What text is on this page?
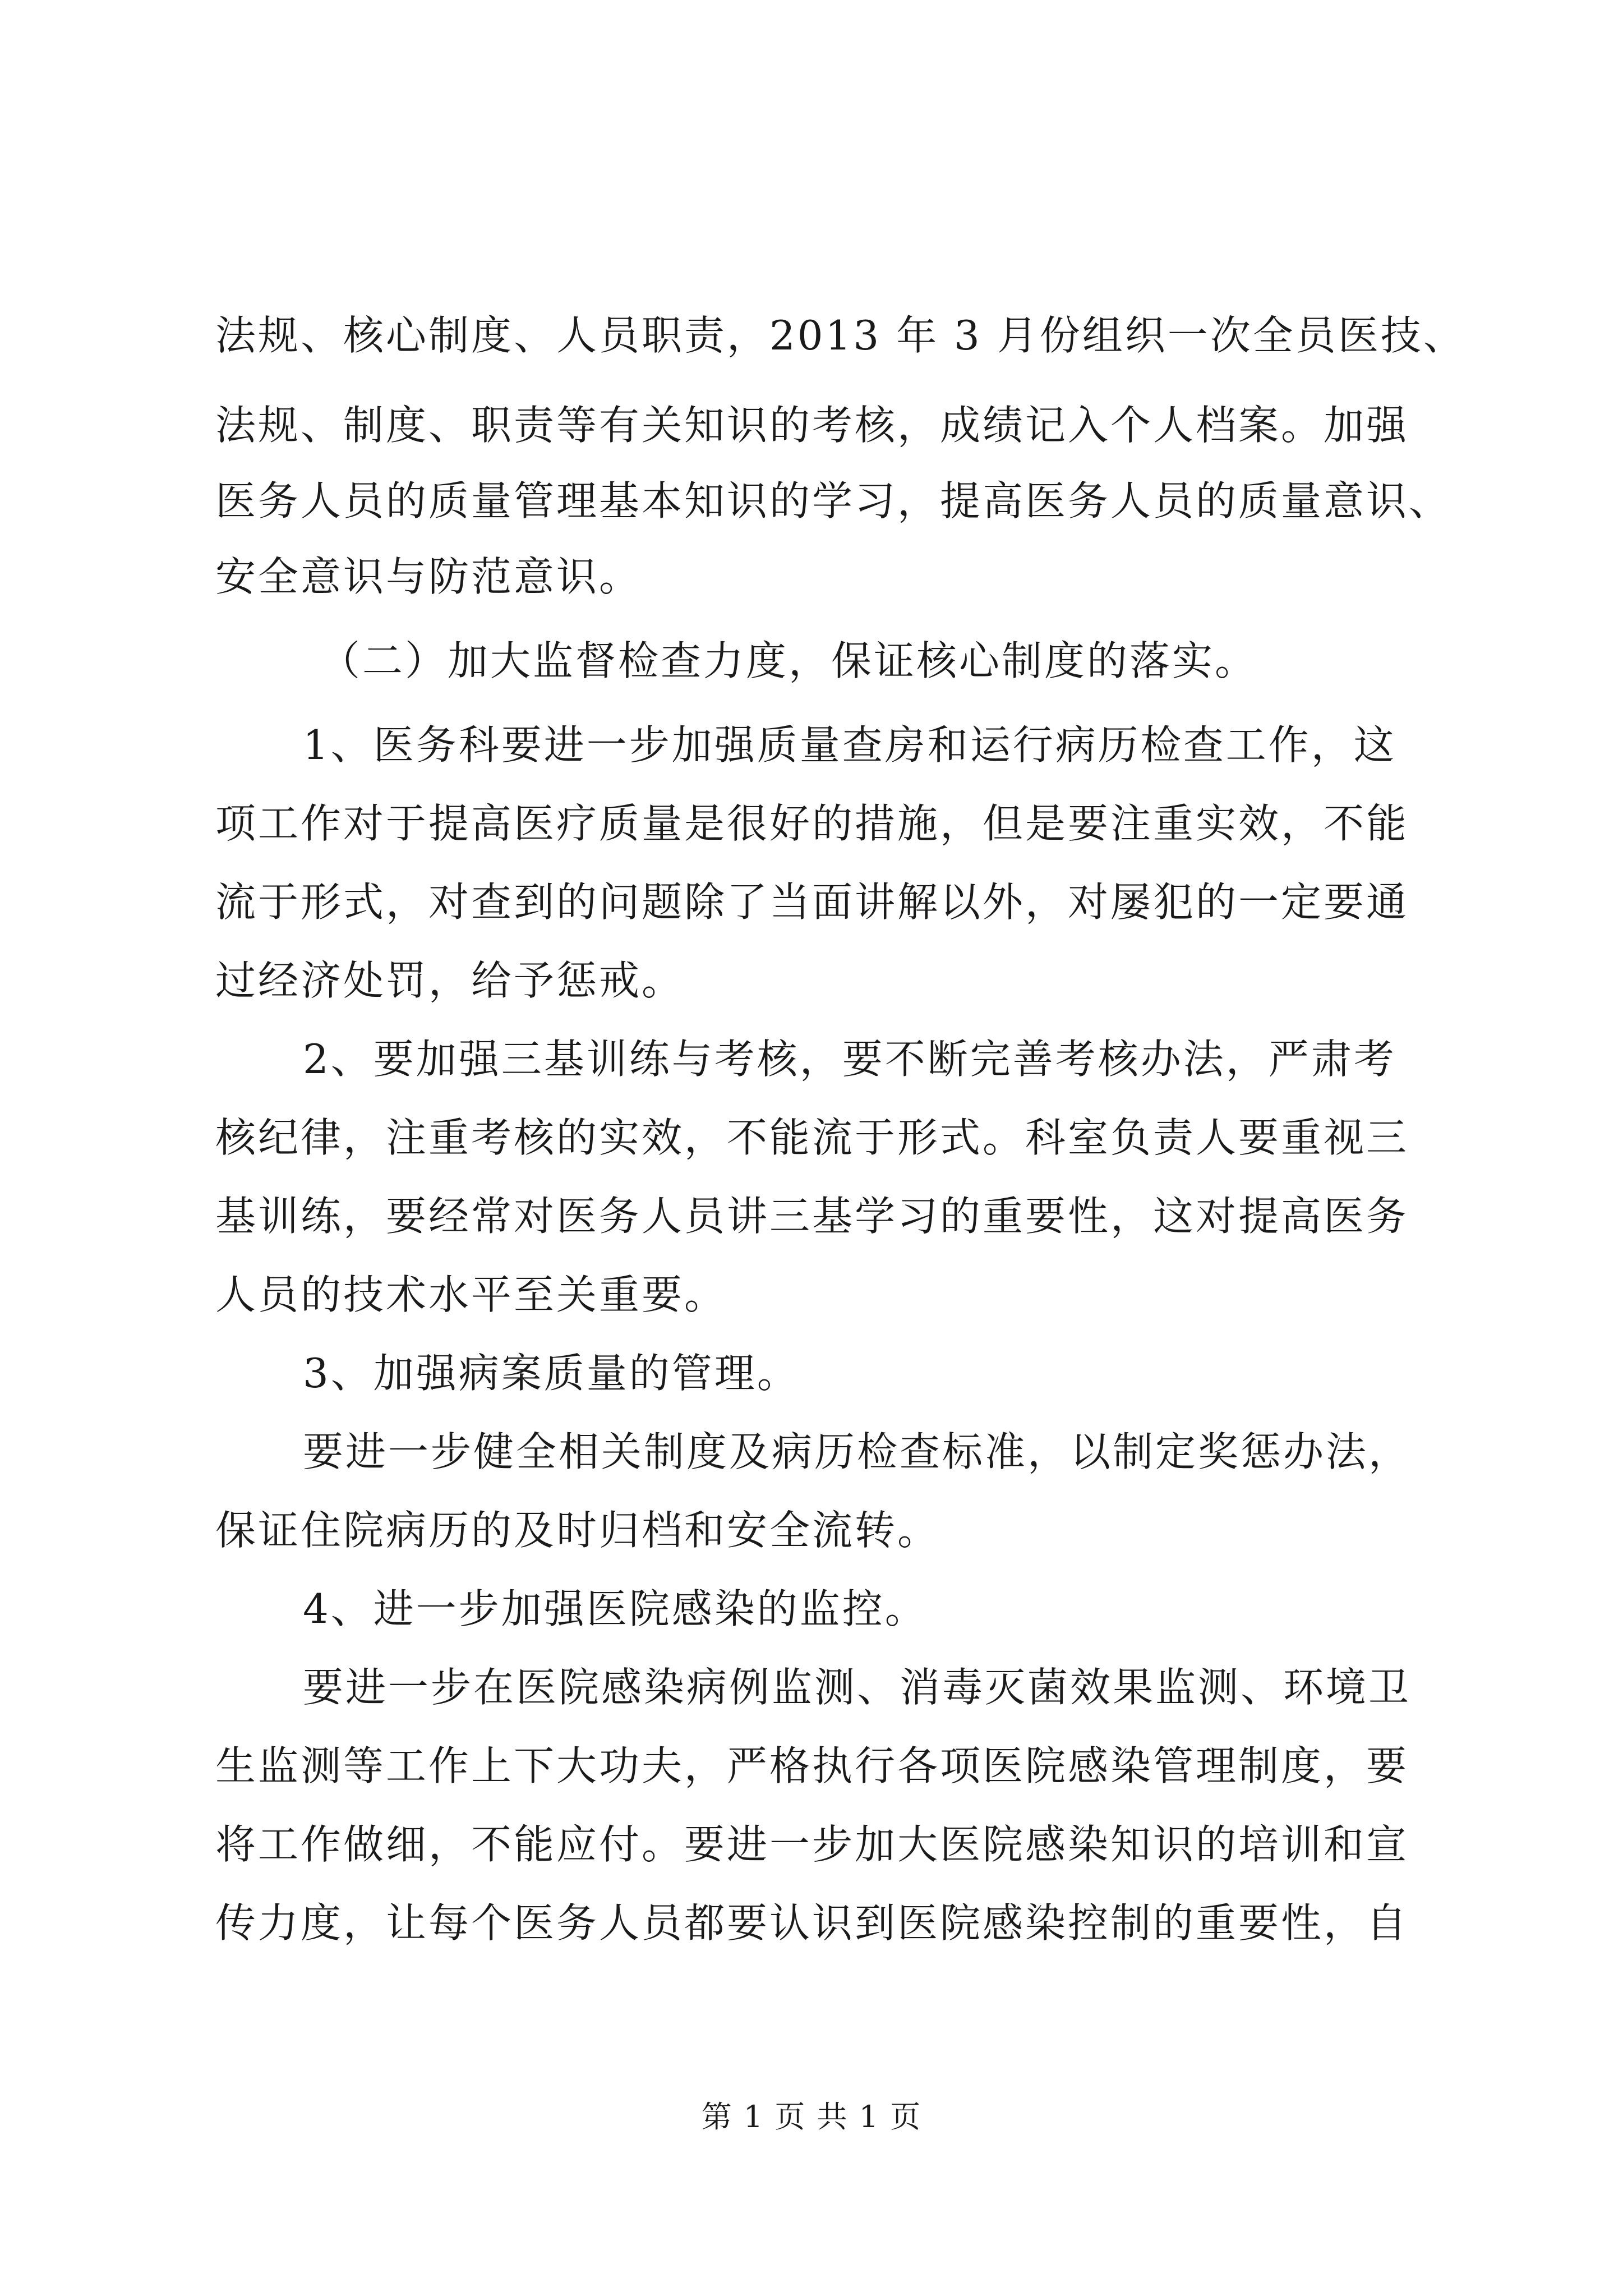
法规、核心制度、人员职责，2013 年 3 月份组织一次全员医技、
法规、制度、职责等有关知识的考核，成绩记入个人档案。加强
医务人员的质量管理基本知识的学习，提高医务人员的质量意识、
安全意识与防范意识。
（二）加大监督检查力度，保证核心制度的落实。
1、医务科要进一步加强质量查房和运行病历检查工作，这
项工作对于提高医疗质量是很好的措施，但是要注重实效，不能
流于形式，对查到的问题除了当面讲解以外，对屡犯的一定要通
过经济处罚，给予惩戒。
2、要加强三基训练与考核，要不断完善考核办法，严肃考
核纪律，注重考核的实效，不能流于形式。科室负责人要重视三
基训练，要经常对医务人员讲三基学习的重要性，这对提高医务
人员的技术水平至关重要。
3、加强病案质量的管理。
要进一步健全相关制度及病历检查标准，以制定奖惩办法，
保证住院病历的及时归档和安全流转。
4、进一步加强医院感染的监控。
要进一步在医院感染病例监测、消毒灭菌效果监测、环境卫
生监测等工作上下大功夫，严格执行各项医院感染管理制度，要
将工作做细，不能应付。要进一步加大医院感染知识的培训和宣
传力度，让每个医务人员都要认识到医院感染控制的重要性，自
第 1 页 共 1 页
